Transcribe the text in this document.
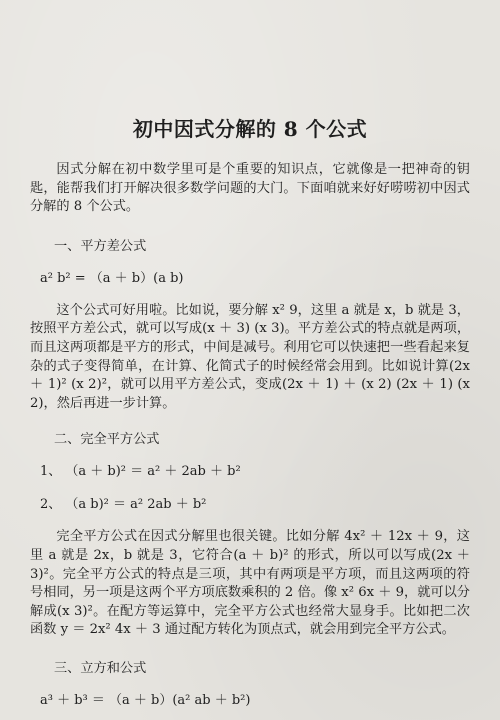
初中因式分解的 8 个公式

因式分解在初中数学里可是个重要的知识点，它就像是一把神奇的钥匙，能帮我们打开解决很多数学问题的大门。下面咱就来好好唠唠初中因式分解的 8 个公式。

一、平方差公式
a² b² = （a ＋ b）(a b)

这个公式可好用啦。比如说，要分解 x² 9，这里 a 就是 x，b 就是 3，按照平方差公式，就可以写成(x ＋ 3) (x 3)。平方差公式的特点就是两项，而且这两项都是平方的形式，中间是减号。利用它可以快速把一些看起来复杂的式子变得简单，在计算、化简式子的时候经常会用到。比如说计算(2x ＋ 1)² (x 2)²，就可以用平方差公式，变成(2x ＋ 1) ＋ (x 2) (2x ＋ 1) (x 2)，然后再进一步计算。

二、完全平方公式
1、 （a ＋ b)² ＝ a² ＋ 2ab ＋ b²
2、 （a b)² ＝ a² 2ab ＋ b²

完全平方公式在因式分解里也很关键。比如分解 4x² ＋ 12x ＋ 9，这里 a 就是 2x，b 就是 3，它符合(a ＋ b)² 的形式，所以可以写成(2x ＋ 3)²。完全平方公式的特点是三项，其中有两项是平方项，而且这两项的符号相同，另一项是这两个平方项底数乘积的 2 倍。像 x² 6x ＋ 9，就可以分解成(x 3)²。在配方等运算中，完全平方公式也经常大显身手。比如把二次函数 y ＝ 2x² 4x ＋ 3 通过配方转化为顶点式，就会用到完全平方公式。

三、立方和公式
a³ ＋ b³ ＝ （a ＋ b）(a² ab ＋ b²)
